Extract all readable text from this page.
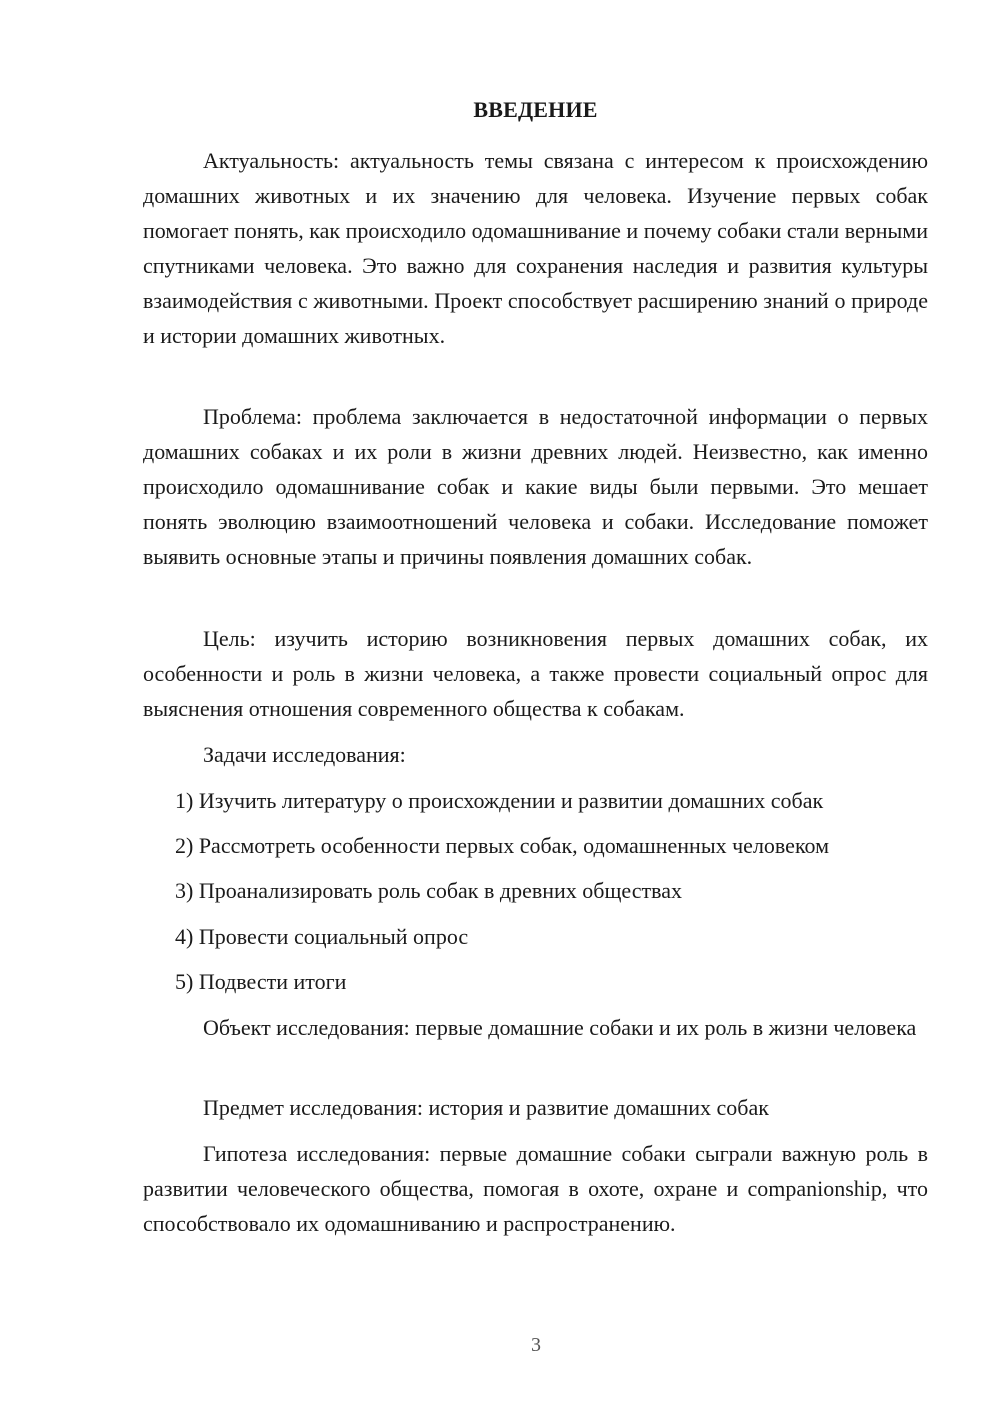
ВВЕДЕНИЕ

Актуальность: актуальность темы связана с интересом к происхождению домашних животных и их значению для человека. Изучение первых собак помогает понять, как происходило одомашнивание и почему собаки стали верными спутниками человека. Это важно для сохранения наследия и развития культуры взаимодействия с животными. Проект способствует расширению знаний о природе и истории домашних животных.

Проблема: проблема заключается в недостаточной информации о первых домашних собаках и их роли в жизни древних людей. Неизвестно, как именно происходило одомашнивание собак и какие виды были первыми. Это мешает понять эволюцию взаимоотношений человека и собаки. Исследование поможет выявить основные этапы и причины появления домашних собак.

Цель: изучить историю возникновения первых домашних собак, их особенности и роль в жизни человека, а также провести социальный опрос для выяснения отношения современного общества к собакам.

Задачи исследования:

1) Изучить литературу о происхождении и развитии домашних собак

2) Рассмотреть особенности первых собак, одомашненных человеком

3) Проанализировать роль собак в древних обществах

4) Провести социальный опрос

5) Подвести итоги

Объект исследования: первые домашние собаки и их роль в жизни человека

Предмет исследования: история и развитие домашних собак

Гипотеза исследования: первые домашние собаки сыграли важную роль в развитии человеческого общества, помогая в охоте, охране и companionship, что способствовало их одомашниванию и распространению.

3
